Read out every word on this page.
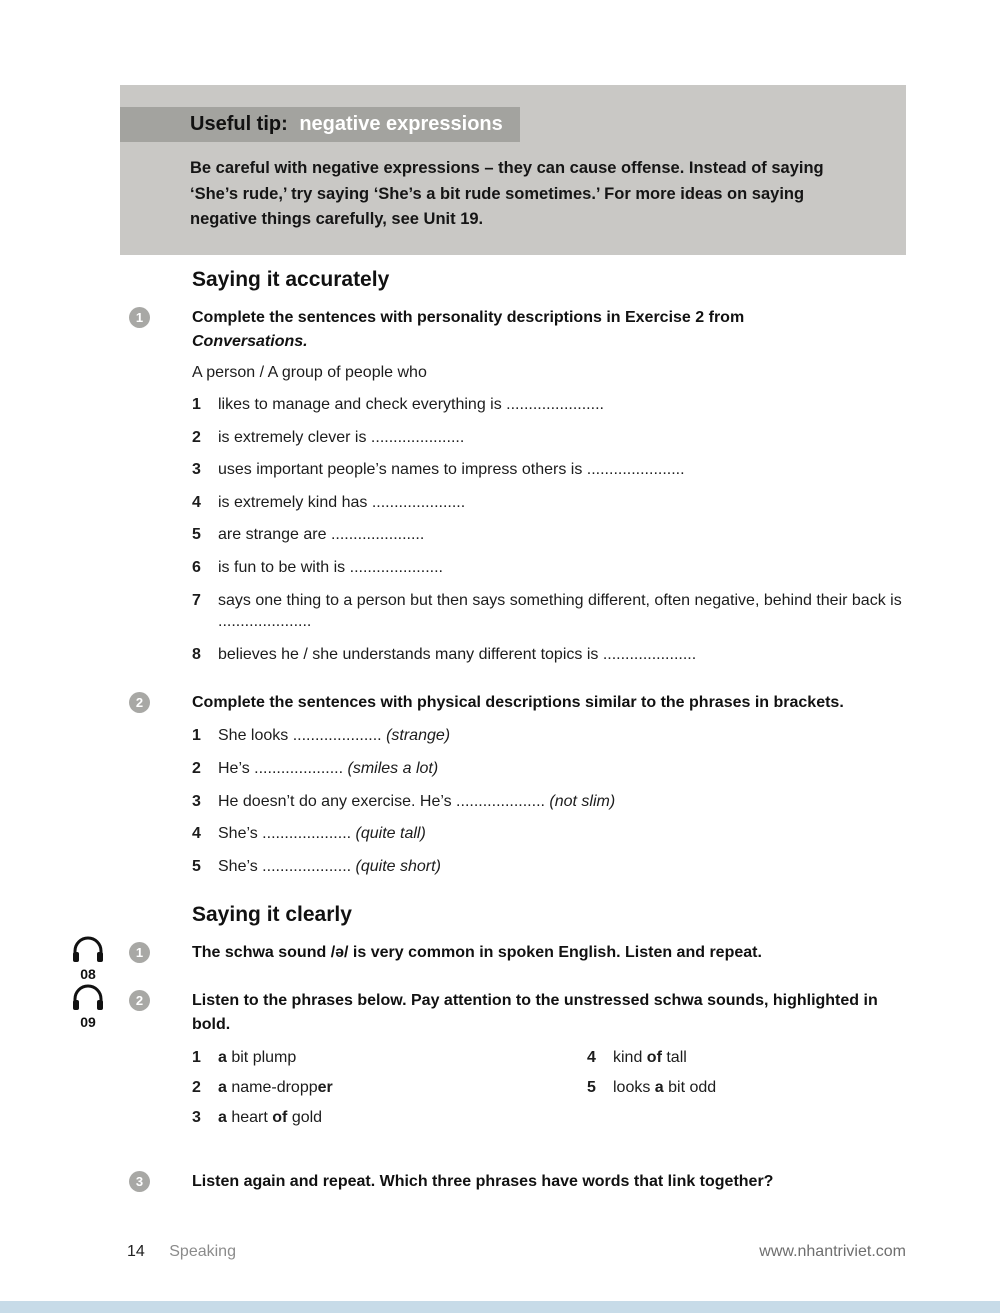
Useful tip: negative expressions
Be careful with negative expressions – they can cause offense. Instead of saying ‘She’s rude,’ try saying ‘She’s a bit rude sometimes.’ For more ideas on saying negative things carefully, see Unit 19.
Saying it accurately
1	Complete the sentences with personality descriptions in Exercise 2 from Conversations.
A person / A group of people who
1	likes to manage and check everything is ......................
2	is extremely clever is .....................
3	uses important people’s names to impress others is ......................
4	is extremely kind has .....................
5	are strange are .....................
6	is fun to be with is .....................
7	says one thing to a person but then says something different, often negative, behind their back is .....................
8	believes he / she understands many different topics is .....................
2	Complete the sentences with physical descriptions similar to the phrases in brackets.
1	She looks .................... (strange)
2	He’s .................... (smiles a lot)
3	He doesn’t do any exercise. He’s .................... (not slim)
4	She’s .................... (quite tall)
5	She’s .................... (quite short)
Saying it clearly
08
1	The schwa sound /ə/ is very common in spoken English. Listen and repeat.
09
2	Listen to the phrases below. Pay attention to the unstressed schwa sounds, highlighted in bold.
1	a bit plump
2	a name-dropper
3	a heart of gold
4	kind of tall
5	looks a bit odd
3	Listen again and repeat. Which three phrases have words that link together?
14 Speaking	www.nhantriviet.com
